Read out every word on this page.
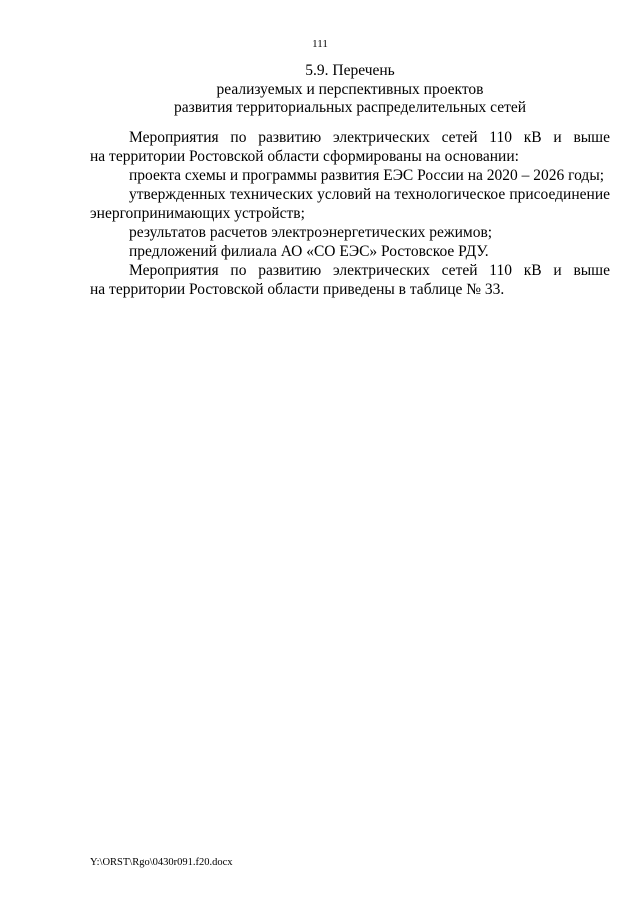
111
5.9. Перечень
реализуемых и перспективных проектов
развития территориальных распределительных сетей
Мероприятия по развитию электрических сетей 110 кВ и выше
на территории Ростовской области сформированы на основании:
проекта схемы и программы развития ЕЭС России на 2020 – 2026 годы;
утвержденных технических условий на технологическое присоединение
энергопринимающих устройств;
результатов расчетов электроэнергетических режимов;
предложений филиала АО «СО ЕЭС» Ростовское РДУ.
Мероприятия по развитию электрических сетей 110 кВ и выше
на территории Ростовской области приведены в таблице № 33.
Y:\ORST\Rgo\0430r091.f20.docx
